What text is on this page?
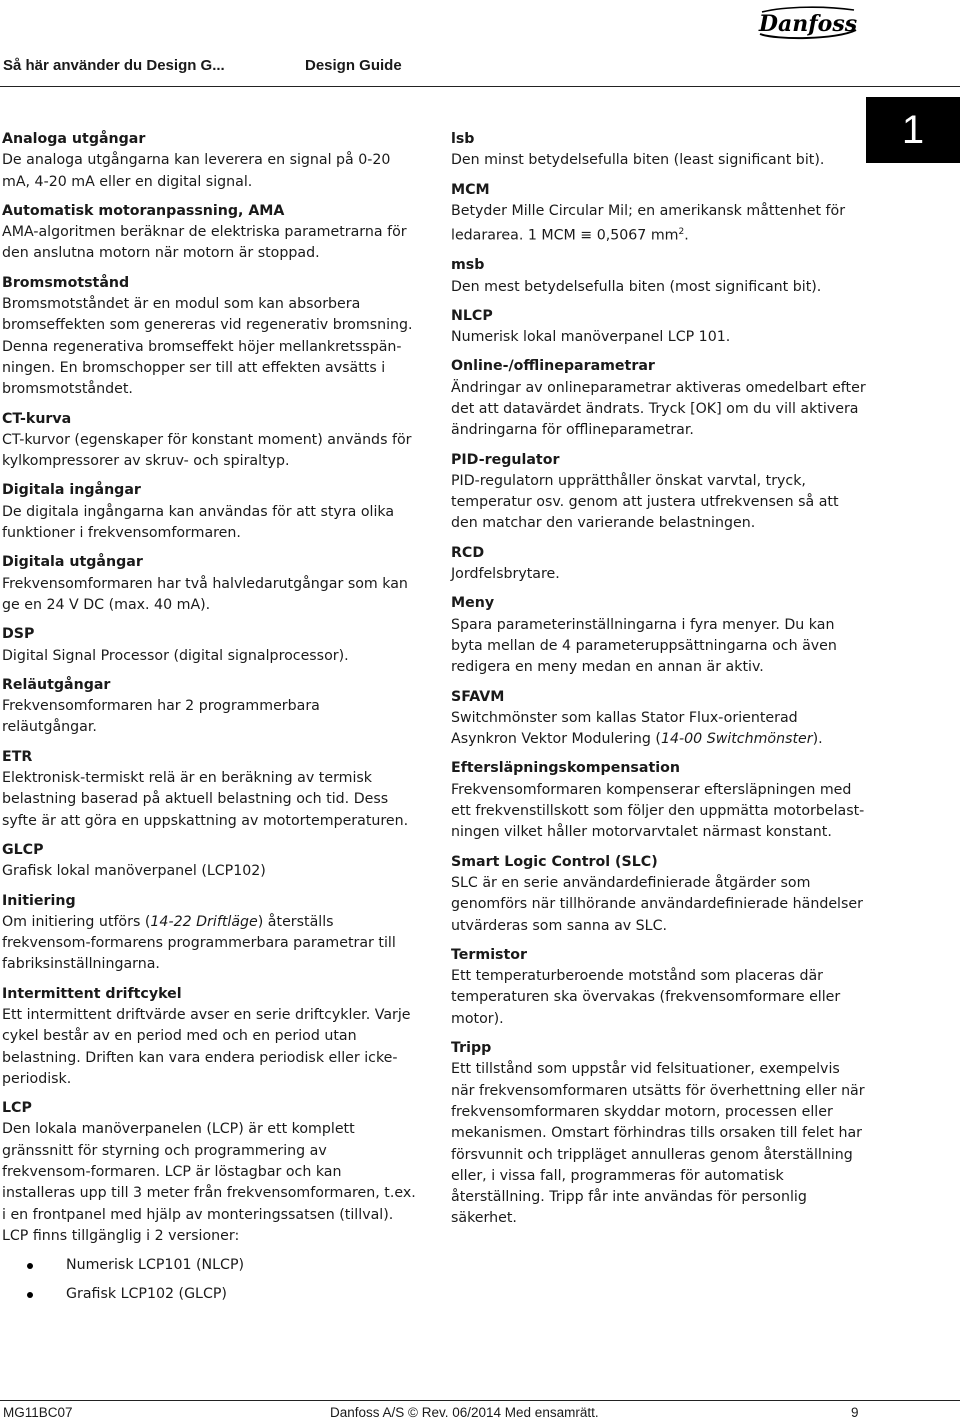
Så här använder du Design G...	Design Guide
Danfoss
1
Analoga utgångar
De analoga utgångarna kan leverera en signal på 0-20 mA, 4-20 mA eller en digital signal.
Automatisk motoranpassning, AMA
AMA-algoritmen beräknar de elektriska parametrarna för den anslutna motorn när motorn är stoppad.
Bromsmotstånd
Bromsmotståndet är en modul som kan absorbera bromseffekten som genereras vid regenerativ bromsning. Denna regenerativa bromseffekt höjer mellankretsspän-ningen. En bromschopper ser till att effekten avsätts i bromsmotståndet.
CT-kurva
CT-kurvor (egenskaper för konstant moment) används för kylkompressorer av skruv- och spiraltyp.
Digitala ingångar
De digitala ingångarna kan användas för att styra olika funktioner i frekvensomformaren.
Digitala utgångar
Frekvensomformaren har två halvledarutgångar som kan ge en 24 V DC (max. 40 mA).
DSP
Digital Signal Processor (digital signalprocessor).
Reläutgångar
Frekvensomformaren har 2 programmerbara reläutgångar.
ETR
Elektronisk-termiskt relä är en beräkning av termisk belastning baserad på aktuell belastning och tid. Dess syfte är att göra en uppskattning av motortemperaturen.
GLCP
Grafisk lokal manöverpanel (LCP102)
Initiering
Om initiering utförs (14-22 Driftläge) återställs frekvensom-formarens programmerbara parametrar till fabriksinställningarna.
Intermittent driftcykel
Ett intermittent driftvärde avser en serie driftcykler. Varje cykel består av en period med och en period utan belastning. Driften kan vara endera periodisk eller icke-periodisk.
LCP
Den lokala manöverpanelen (LCP) är ett komplett gränssnitt för styrning och programmering av frekvensom-formaren. LCP är löstagbar och kan installeras upp till 3 meter från frekvensomformaren, t.ex. i en frontpanel med hjälp av monteringssatsen (tillval).
LCP finns tillgänglig i 2 versioner:
Numerisk LCP101 (NLCP)
Grafisk LCP102 (GLCP)
lsb
Den minst betydelsefulla biten (least significant bit).
MCM
Betyder Mille Circular Mil; en amerikansk måttenhet för ledararea. 1 MCM ≡ 0,5067 $mm^2$.
msb
Den mest betydelsefulla biten (most significant bit).
NLCP
Numerisk lokal manöverpanel LCP 101.
Online-/offlineparametrar
Ändringar av onlineparametrar aktiveras omedelbart efter det att datavärdet ändrats. Tryck [OK] om du vill aktivera ändringarna för offlineparametrar.
PID-regulator
PID-regulatorn upprätthåller önskat varvtal, tryck, temperatur osv. genom att justera utfrekvensen så att den matchar den varierande belastningen.
RCD
Jordfelsbrytare.
Meny
Spara parameterinställningarna i fyra menyer. Du kan byta mellan de 4 parameteruppsättningarna och även redigera en meny medan en annan är aktiv.
SFAVM
Switchmönster som kallas Stator Flux-orienterad Asynkron Vektor Modulering (14-00 Switchmönster).
Eftersläpningskompensation
Frekvensomformaren kompenserar eftersläpningen med ett frekvenstillskott som följer den uppmätta motorbelast-ningen vilket håller motorvarvtalet närmast konstant.
Smart Logic Control (SLC)
SLC är en serie användardefinierade åtgärder som genomförs när tillhörande användardefinierade händelser utvärderas som sanna av SLC.
Termistor
Ett temperaturberoende motstånd som placeras där temperaturen ska övervakas (frekvensomformare eller motor).
Tripp
Ett tillstånd som uppstår vid felsituationer, exempelvis när frekvensomformaren utsätts för överhettning eller när frekvensomformaren skyddar motorn, processen eller mekanismen. Omstart förhindras tills orsaken till felet har försvunnit och trippläget annulleras genom återställning eller, i vissa fall, programmeras för automatisk återställning. Tripp får inte användas för personlig säkerhet.
MG11BC07	Danfoss A/S © Rev. 06/2014 Med ensamrätt.	9
